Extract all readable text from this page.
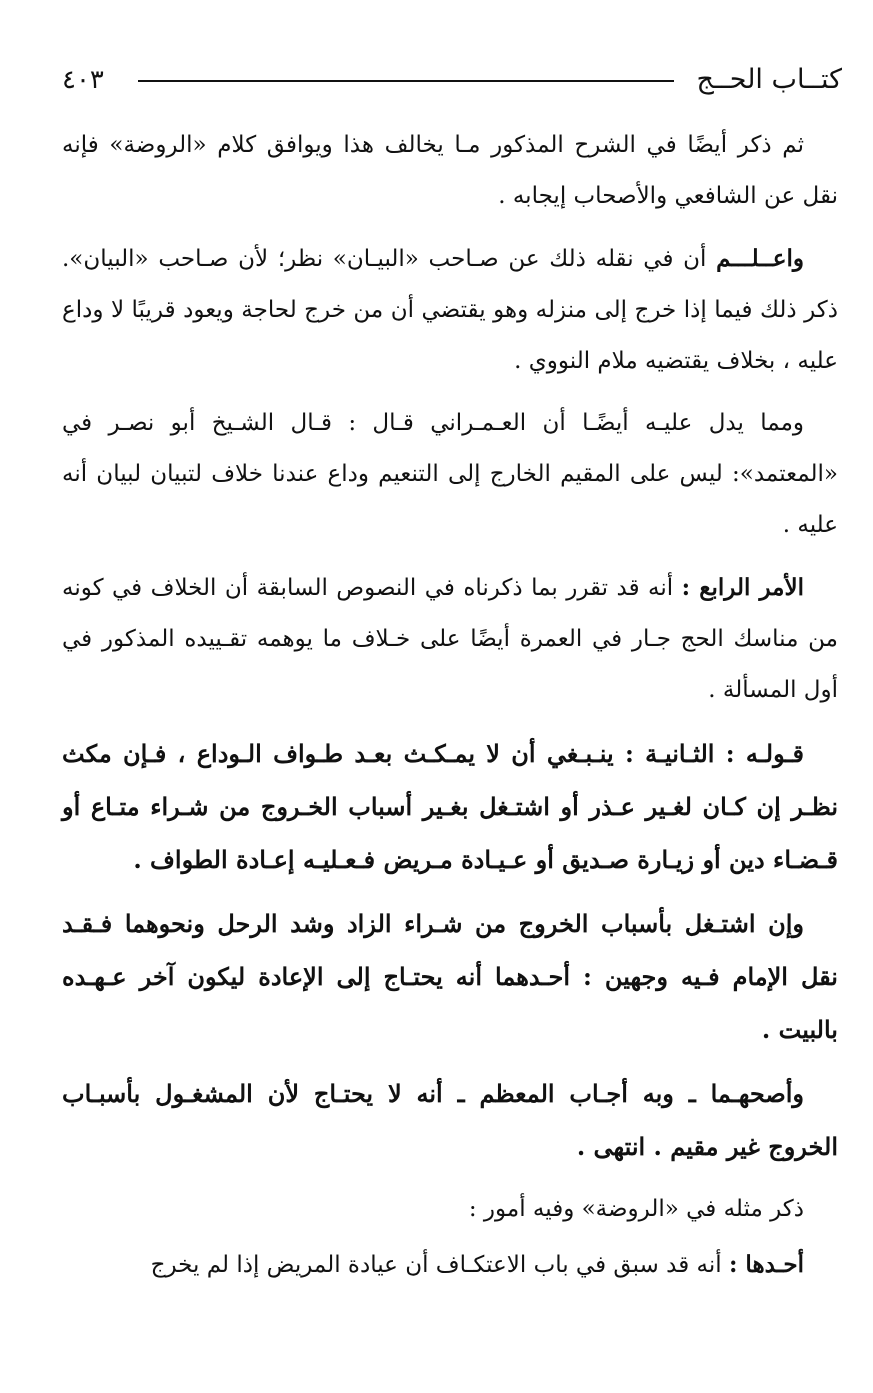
كتــاب الحــج
٤٠٣

ثم ذكر أيضًا في الشرح المذكور مـا يخالف هذا ويوافق كلام «الروضة» فإنه نقل عن الشافعي والأصحاب إيجابه .

واعــلـــم أن في نقله ذلك عن صـاحب «البيـان» نظر؛ لأن صـاحب «البيان». ذكر ذلك فيما إذا خرج إلى منزله وهو يقتضي أن من خرج لحاجة ويعود قريبًا لا وداع عليه ، بخلاف يقتضيه ملام النووي .

ومما يدل عليـه أيضًـا أن العـمـراني قـال : قـال الشـيخ أبو نصـر في «المعتمد»: ليس على المقيم الخارج إلى التنعيم وداع عندنا خلاف لتبيان لبيان أنه عليه .

الأمر الرابع : أنه قد تقرر بما ذكرناه في النصوص السابقة أن الخلاف في كونه من مناسك الحج جـار في العمرة أيضًا على خـلاف ما يوهمه تقـييده المذكور في أول المسألة .

قـولـه : الثـانيـة : ينـبـغي أن لا يمـكـث بعـد طـواف الـوداع ، فـإن مكث نظـر إن كـان لغـير عـذر أو اشتـغل بغـير أسباب الخـروج من شـراء متـاع أو قـضـاء دين أو زيـارة صـديق أو عـيـادة مـريض فـعـليـه إعـادة الطواف .

وإن اشتـغل بأسباب الخروج من شـراء الزاد وشد الرحل ونحوهما فـقـد نقل الإمام فـيه وجهين : أحـدهما أنه يحتـاج إلى الإعادة ليكون آخر عـهـده بالبيت .

وأصحهـما ـ وبه أجـاب المعظم ـ أنه لا يحتـاج لأن المشغـول بأسبـاب الخروج غير مقيم . انتهى .

ذكر مثله في «الروضة» وفيه أمور :

أحـدها : أنه قد سبق في باب الاعتكـاف أن عيادة المريض إذا لم يخرج
